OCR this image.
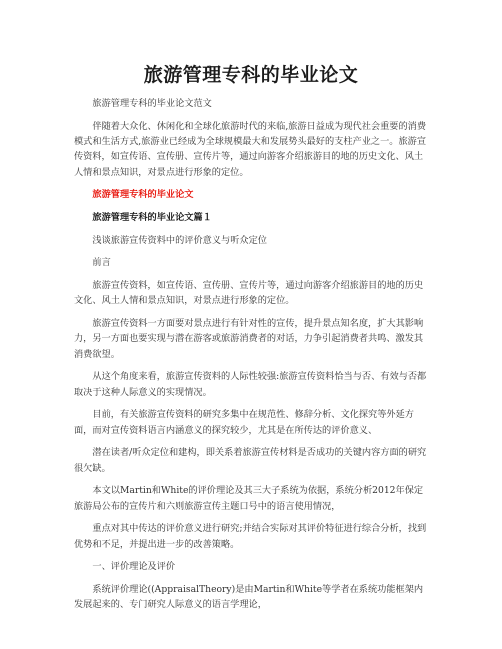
旅游管理专科的毕业论文

旅游管理专科的毕业论文范文

伴随着大众化、休闲化和全球化旅游时代的来临,旅游日益成为现代社会重要的消费模式和生活方式,旅游业已经成为全球规模最大和发展势头最好的支柱产业之一。旅游宣传资料，如宣传语、宣传册、宣传片等，通过向游客介绍旅游目的地的历史文化、风土人情和景点知识，对景点进行形象的定位。

旅游管理专科的毕业论文

旅游管理专科的毕业论文篇１

浅谈旅游宣传资料中的评价意义与听众定位

前言

旅游宣传资料，如宣传语、宣传册、宣传片等，通过向游客介绍旅游目的地的历史文化、风土人情和景点知识，对景点进行形象的定位。

旅游宣传资料一方面要对景点进行有针对性的宣传，提升景点知名度，扩大其影响力，另一方面也要实现与潜在游客或旅游消费者的对话，力争引起消费者共鸣、激发其消费欲望。

从这个角度来看，旅游宣传资料的人际性较强:旅游宣传资料恰当与否、有效与否都取决于这种人际意义的实现情况。

目前，有关旅游宣传资料的研究多集中在规范性、修辞分析、文化探究等外延方面，而对宣传资料语言内涵意义的探究较少，尤其是在所传达的评价意义、

潜在读者/听众定位和建构，即关系着旅游宣传材料是否成功的关键内容方面的研究很欠缺。

本文以Martin和White的评价理论及其三大子系统为依据，系统分析2012年保定旅游局公布的宣传片和六则旅游宣传主题口号中的语言使用情况，

重点对其中传达的评价意义进行研究;并结合实际对其评价特征进行综合分析，找到优势和不足，并提出进一步的改善策略。

一、评价理论及评价

系统评价理论((AppraisalTheory)是由Martin和White等学者在系统功能框架内发展起来的、专门研究人际意义的语言学理论，
